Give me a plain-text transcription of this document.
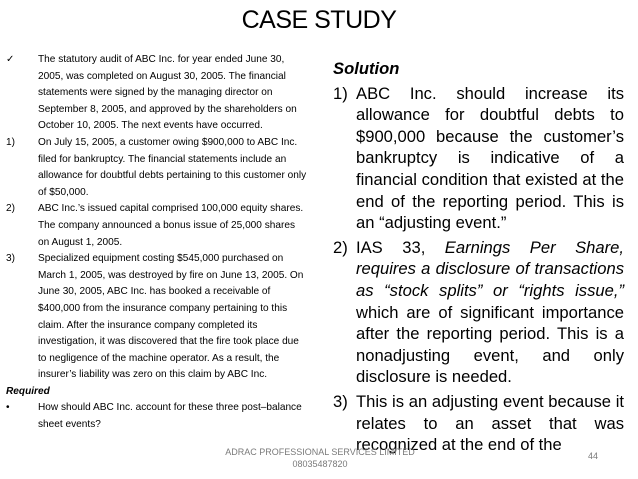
CASE STUDY
✓ The statutory audit of ABC Inc. for year ended June 30, 2005, was completed on August 30, 2005. The financial statements were signed by the managing director on September 8, 2005, and approved by the shareholders on October 10, 2005. The next events have occurred.

1) On July 15, 2005, a customer owing $900,000 to ABC Inc. filed for bankruptcy. The financial statements include an allowance for doubtful debts pertaining to this customer only of $50,000.

2) ABC Inc.’s issued capital comprised 100,000 equity shares. The company announced a bonus issue of 25,000 shares on August 1, 2005.

3) Specialized equipment costing $545,000 purchased on March 1, 2005, was destroyed by fire on June 13, 2005. On June 30, 2005, ABC Inc. has booked a receivable of $400,000 from the insurance company pertaining to this claim. After the insurance company completed its investigation, it was discovered that the fire took place due to negligence of the machine operator. As a result, the insurer’s liability was zero on this claim by ABC Inc.

Required
•	How should ABC Inc. account for these three post–balance sheet events?

Solution
1) ABC Inc. should increase its allowance for doubtful debts to $900,000 because the customer’s bankruptcy is indicative of a financial condition that existed at the end of the reporting period. This is an “adjusting event.”
2) IAS 33, Earnings Per Share, requires a disclosure of transactions as “stock splits” or “rights issue,” which are of significant importance after the reporting period. This is a nonadjusting event, and only disclosure is needed.
3) This is an adjusting event because it relates to an asset that was recognized at the end of the
ADRAC PROFESSIONAL SERVICES LIMITED
08035487820
44
